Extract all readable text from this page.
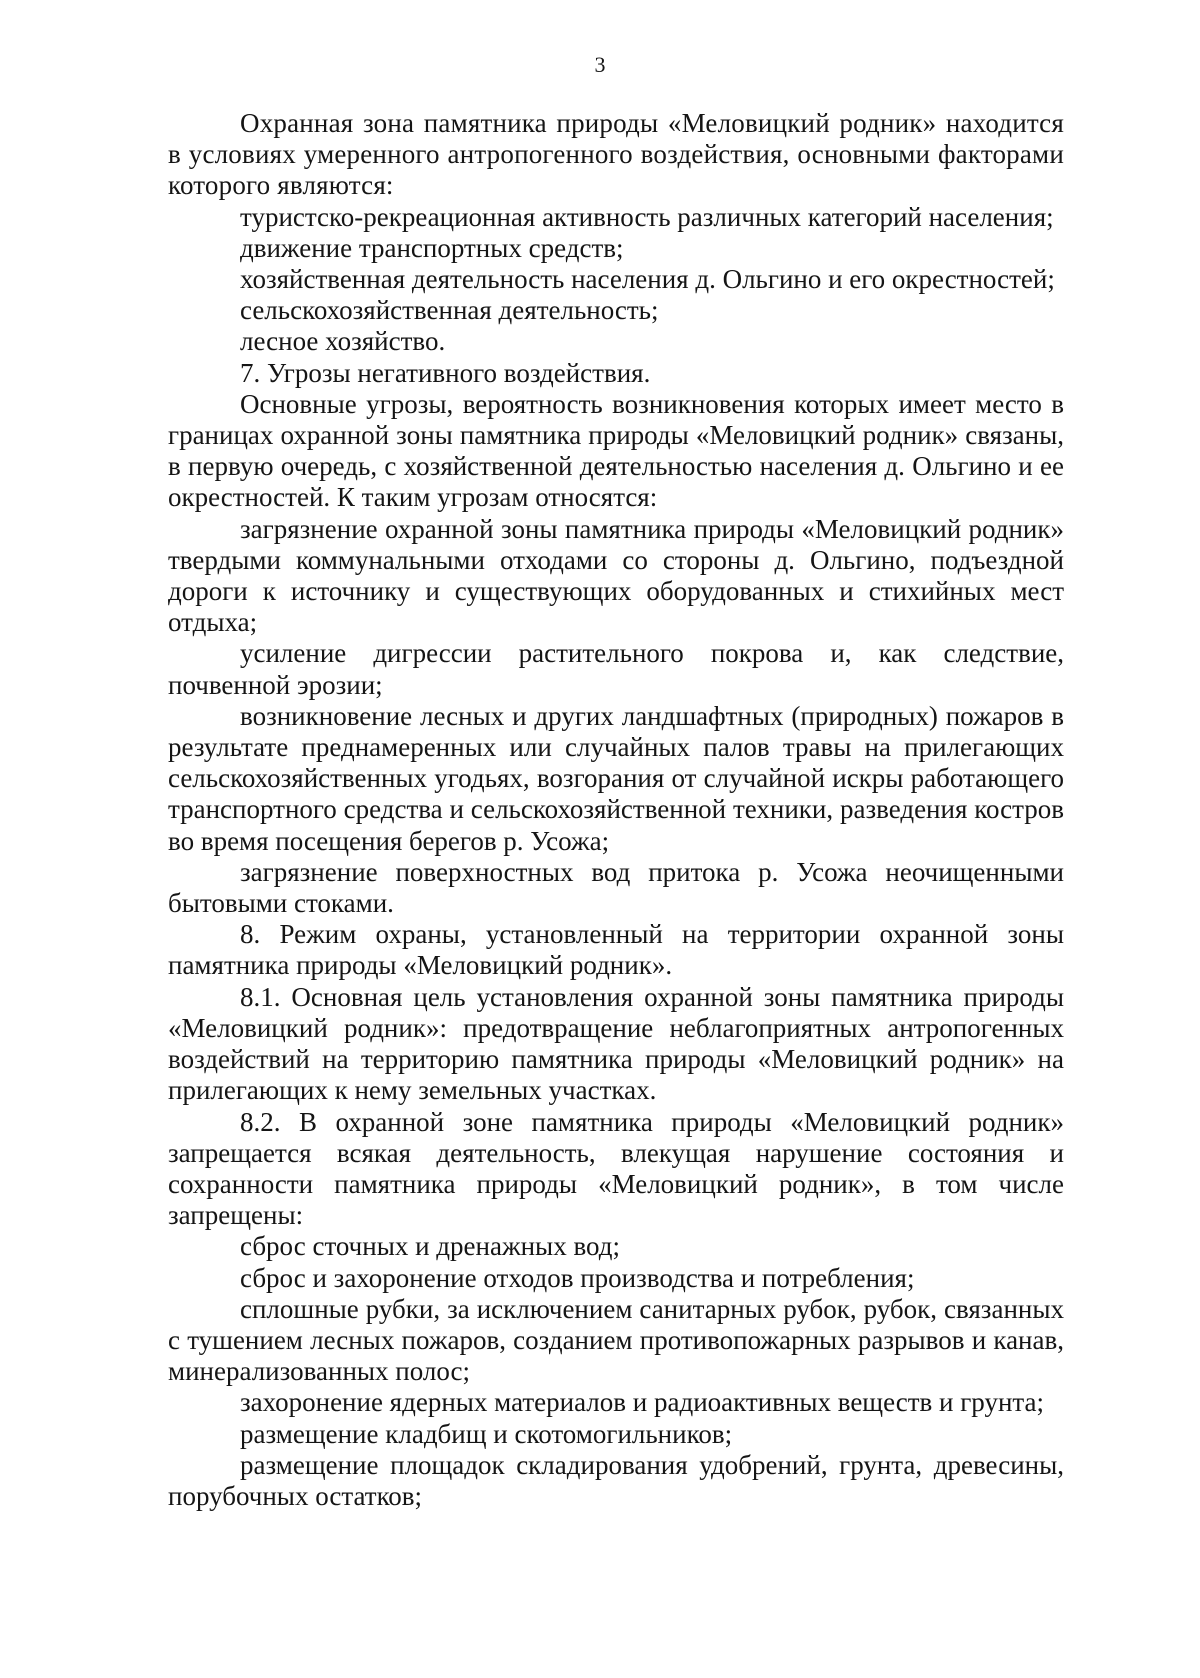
3

Охранная зона памятника природы «Меловицкий родник» находится в условиях умеренного антропогенного воздействия, основными факторами которого являются:

туристско-рекреационная активность различных категорий населения;

движение транспортных средств;

хозяйственная деятельность населения д. Ольгино и его окрестностей;

сельскохозяйственная деятельность;

лесное хозяйство.

7. Угрозы негативного воздействия.

Основные угрозы, вероятность возникновения которых имеет место в границах охранной зоны памятника природы «Меловицкий родник» связаны, в первую очередь, с хозяйственной деятельностью населения д. Ольгино и ее окрестностей. К таким угрозам относятся:

загрязнение охранной зоны памятника природы «Меловицкий родник» твердыми коммунальными отходами со стороны д. Ольгино, подъездной дороги к источнику и существующих оборудованных и стихийных мест отдыха;

усиление дигрессии растительного покрова и, как следствие, почвенной эрозии;

возникновение лесных и других ландшафтных (природных) пожаров в результате преднамеренных или случайных палов травы на прилегающих сельскохозяйственных угодьях, возгорания от случайной искры работающего транспортного средства и сельскохозяйственной техники, разведения костров во время посещения берегов р. Усожа;

загрязнение поверхностных вод притока р. Усожа неочищенными бытовыми стоками.

8. Режим охраны, установленный на территории охранной зоны памятника природы «Меловицкий родник».

8.1. Основная цель установления охранной зоны памятника природы «Меловицкий родник»: предотвращение неблагоприятных антропогенных воздействий на территорию памятника природы «Меловицкий родник» на прилегающих к нему земельных участках.

8.2. В охранной зоне памятника природы «Меловицкий родник» запрещается всякая деятельность, влекущая нарушение состояния и сохранности памятника природы «Меловицкий родник», в том числе запрещены:

сброс сточных и дренажных вод;

сброс и захоронение отходов производства и потребления;

сплошные рубки, за исключением санитарных рубок, рубок, связанных с тушением лесных пожаров, созданием противопожарных разрывов и канав, минерализованных полос;

захоронение ядерных материалов и радиоактивных веществ и грунта;

размещение кладбищ и скотомогильников;

размещение площадок складирования удобрений, грунта, древесины, порубочных остатков;
